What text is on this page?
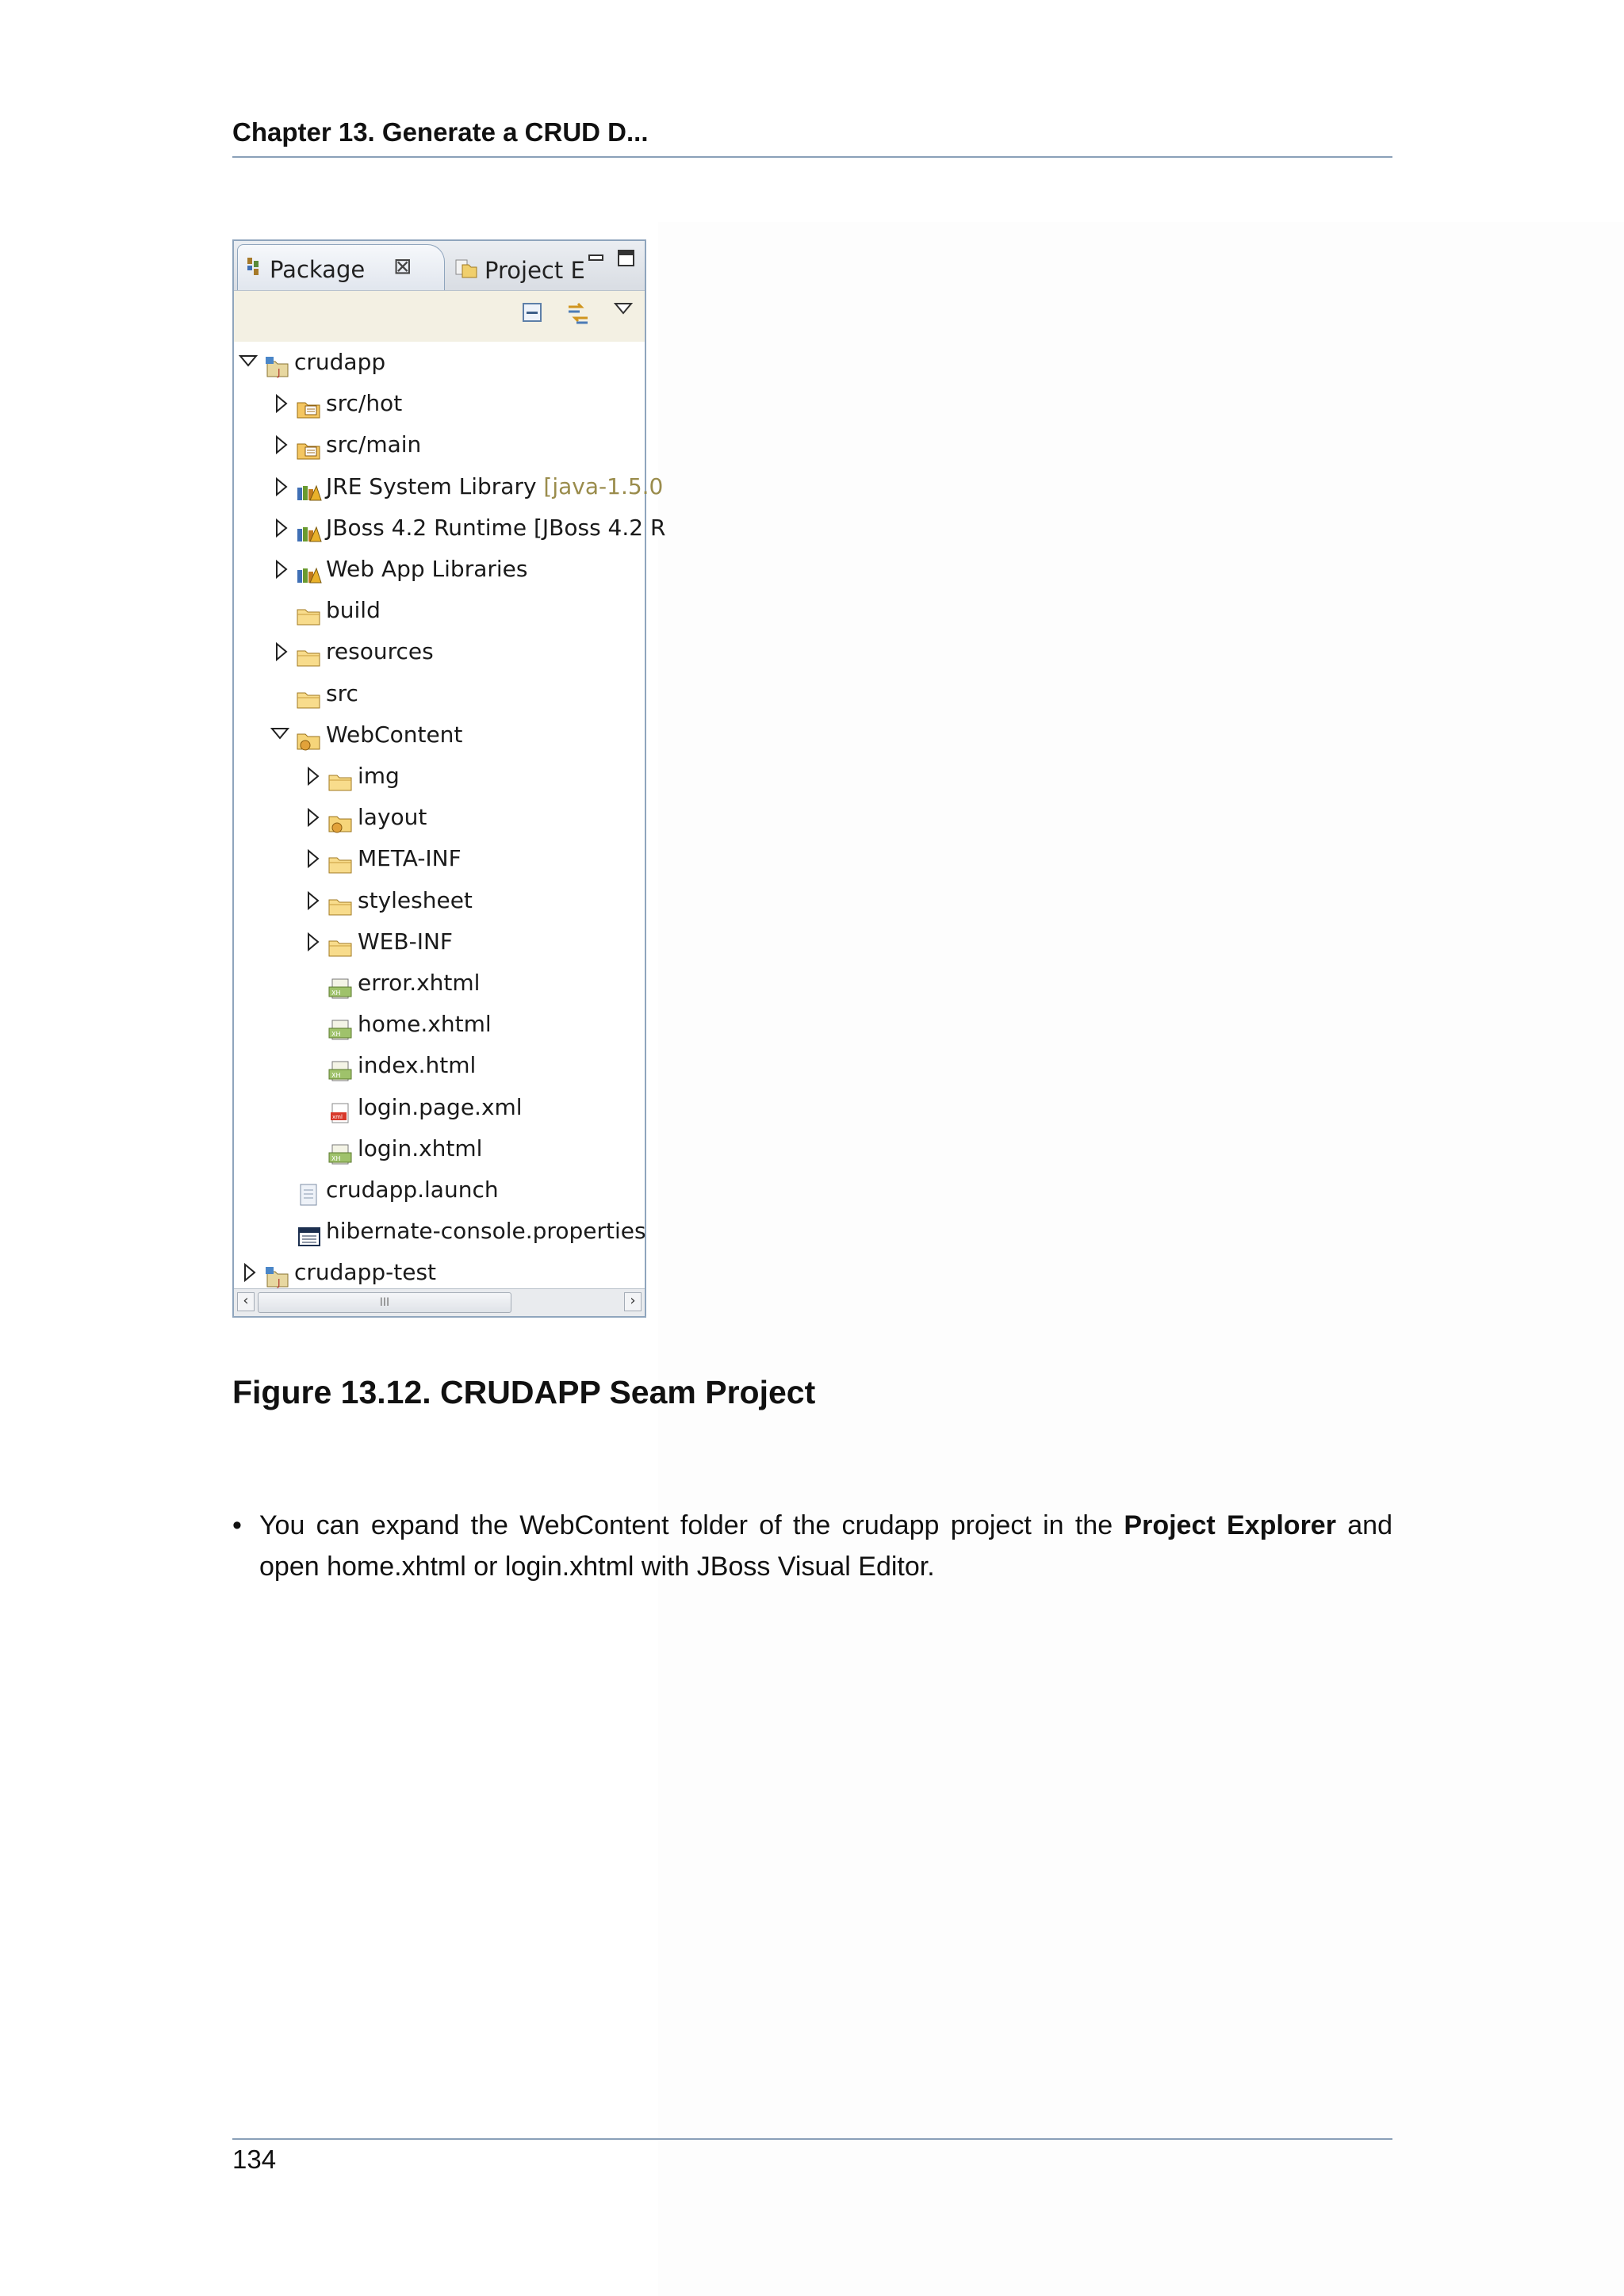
Chapter 13. Generate a CRUD D...
Package ⊠	Project E
J crudapp
src/hot
src/main
JRE System Library [java-1.5.0
JBoss 4.2 Runtime [JBoss 4.2 R
Web App Libraries
build
resources
src
WebContent
img
layout
META-INF
stylesheet
WEB-INF
XH error.xhtml
XH home.xhtml
XH index.html
xml login.page.xml
XH login.xhtml
crudapp.launch
hibernate-console.properties
J crudapp-test
‹	III	›
Figure 13.12. CRUDAPP Seam Project
• You can expand the WebContent folder of the crudapp project in the Project Explorer and open home.xhtml or login.xhtml with JBoss Visual Editor.
134
